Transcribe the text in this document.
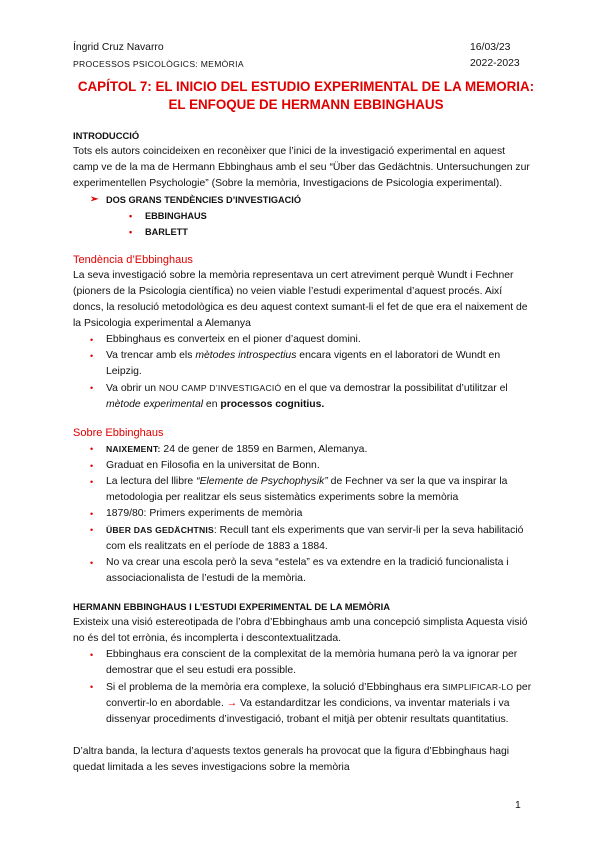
Íngrid Cruz Navarro	16/03/23
PROCESSOS PSICOLÒGICS: MEMÒRIA	2022-2023
CAPÍTOL 7: EL INICIO DEL ESTUDIO EXPERIMENTAL DE LA MEMORIA: EL ENFOQUE DE HERMANN EBBINGHAUS
INTRODUCCIÓ

Tots els autors coincideixen en reconèixer que l’inici de la investigació experimental en aquest camp ve de la ma de Hermann Ebbinghaus amb el seu “Über das Gedächtnis. Untersuchungen zur experimentellen Psychologie” (Sobre la memòria, Investigacions de Psicologia experimental).

➢ DOS GRANS TENDÈNCIES D’INVESTIGACIÓ
• EBBINGHAUS
• BARLETT
Tendència d’Ebbinghaus

La seva investigació sobre la memòria representava un cert atreviment perquè Wundt i Fechner (pioners de la Psicologia científica) no veien viable l’estudi experimental d’aquest procés. Així doncs, la resolució metodològica es deu aquest context sumant-li el fet de que era el naixement de la Psicologia experimental a Alemanya

• Ebbinghaus es converteix en el pioner d’aquest domini.
• Va trencar amb els mètodes introspectius encara vigents en el laboratori de Wundt en Leipzig.
• Va obrir un NOU CAMP D’INVESTIGACIÓ en el que va demostrar la possibilitat d’utilitzar el mètode experimental en processos cognitius.
Sobre Ebbinghaus
• NAIXEMENT: 24 de gener de 1859 en Barmen, Alemanya.
• Graduat en Filosofia en la universitat de Bonn.
• La lectura del llibre “Elemente de Psychophysik” de Fechner va ser la que va inspirar la metodologia per realitzar els seus sistemàtics experiments sobre la memòria
• 1879/80: Primers experiments de memòria
• ÜBER DAS GEDÄCHTNIS: Recull tant els experiments que van servir-li per la seva habilitació com els realitzats en el període de 1883 a 1884.
• No va crear una escola però la seva “estela” es va extendre en la tradició funcionalista i associacionalista de l’estudi de la memòria.
HERMANN EBBINGHAUS I L’ESTUDI EXPERIMENTAL DE LA MEMÒRIA

Existeix una visió estereotipada de l’obra d’Ebbinghaus amb una concepció simplista Aquesta visió no és del tot errònia, és incomplerta i descontextualitzada.

• Ebbinghaus era conscient de la complexitat de la memòria humana però la va ignorar per demostrar que el seu estudi era possible.
• Si el problema de la memòria era complexe, la solució d’Ebbinghaus era SIMPLIFICAR-LO per convertir-lo en abordable. → Va estandarditzar les condicions, va inventar materials i va dissenyar procediments d’investigació, trobant el mitjà per obtenir resultats quantitatius.

D’altra banda, la lectura d’aquests textos generals ha provocat que la figura d’Ebbinghaus hagi quedat limitada a les seves investigacions sobre la memòria

1
